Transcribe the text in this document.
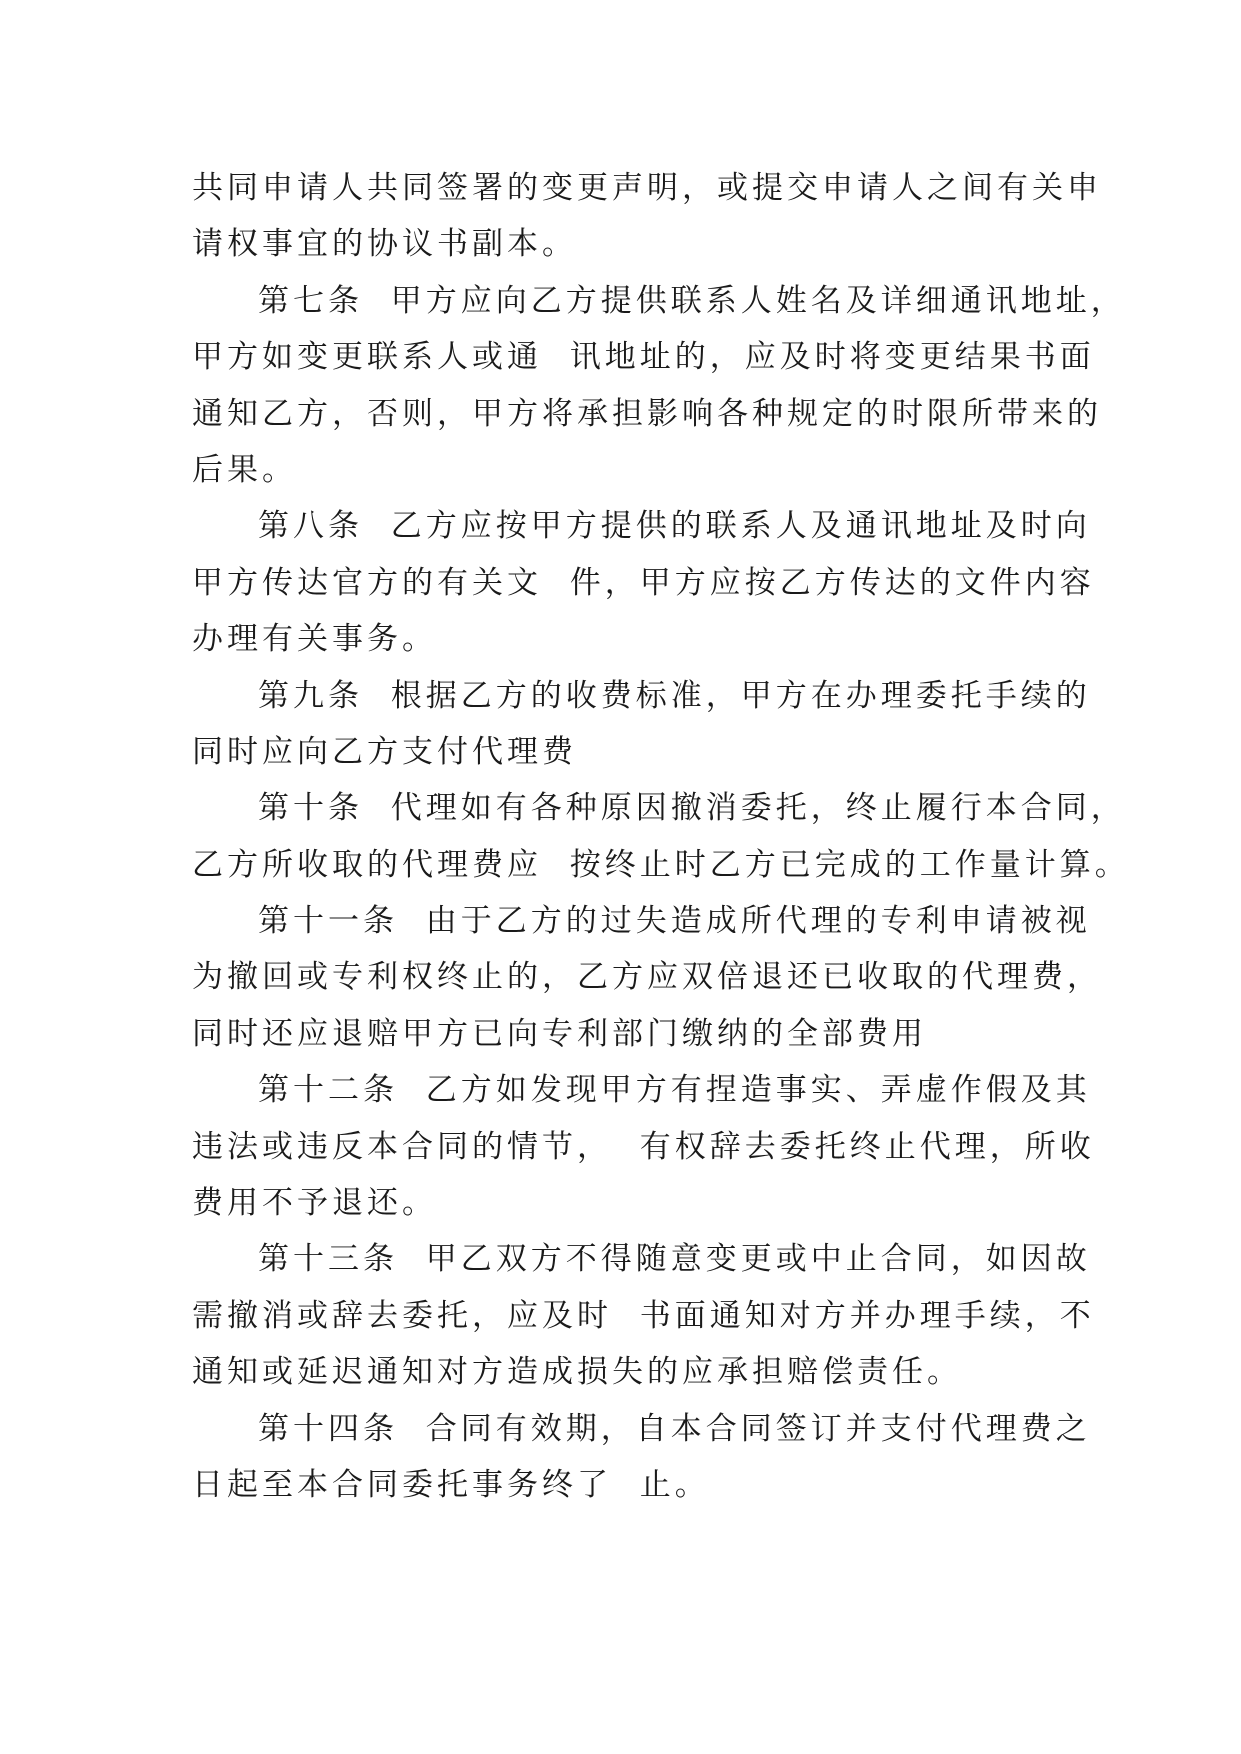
共同申请人共同签署的变更声明，或提交申请人之间有关申
请权事宜的协议书副本。
第七条  甲方应向乙方提供联系人姓名及详细通讯地址，
甲方如变更联系人或通  讯地址的，应及时将变更结果书面
通知乙方，否则，甲方将承担影响各种规定的时限所带来的
后果。
第八条  乙方应按甲方提供的联系人及通讯地址及时向
甲方传达官方的有关文  件，甲方应按乙方传达的文件内容
办理有关事务。
第九条  根据乙方的收费标准，甲方在办理委托手续的
同时应向乙方支付代理费
第十条  代理如有各种原因撤消委托，终止履行本合同，
乙方所收取的代理费应  按终止时乙方已完成的工作量计算。
第十一条  由于乙方的过失造成所代理的专利申请被视
为撤回或专利权终止的，乙方应双倍退还已收取的代理费，
同时还应退赔甲方已向专利部门缴纳的全部费用
第十二条  乙方如发现甲方有捏造事实、弄虚作假及其
违法或违反本合同的情节，  有权辞去委托终止代理，所收
费用不予退还。
第十三条  甲乙双方不得随意变更或中止合同，如因故
需撤消或辞去委托，应及时  书面通知对方并办理手续，不
通知或延迟通知对方造成损失的应承担赔偿责任。
第十四条  合同有效期，自本合同签订并支付代理费之
日起至本合同委托事务终了  止。
